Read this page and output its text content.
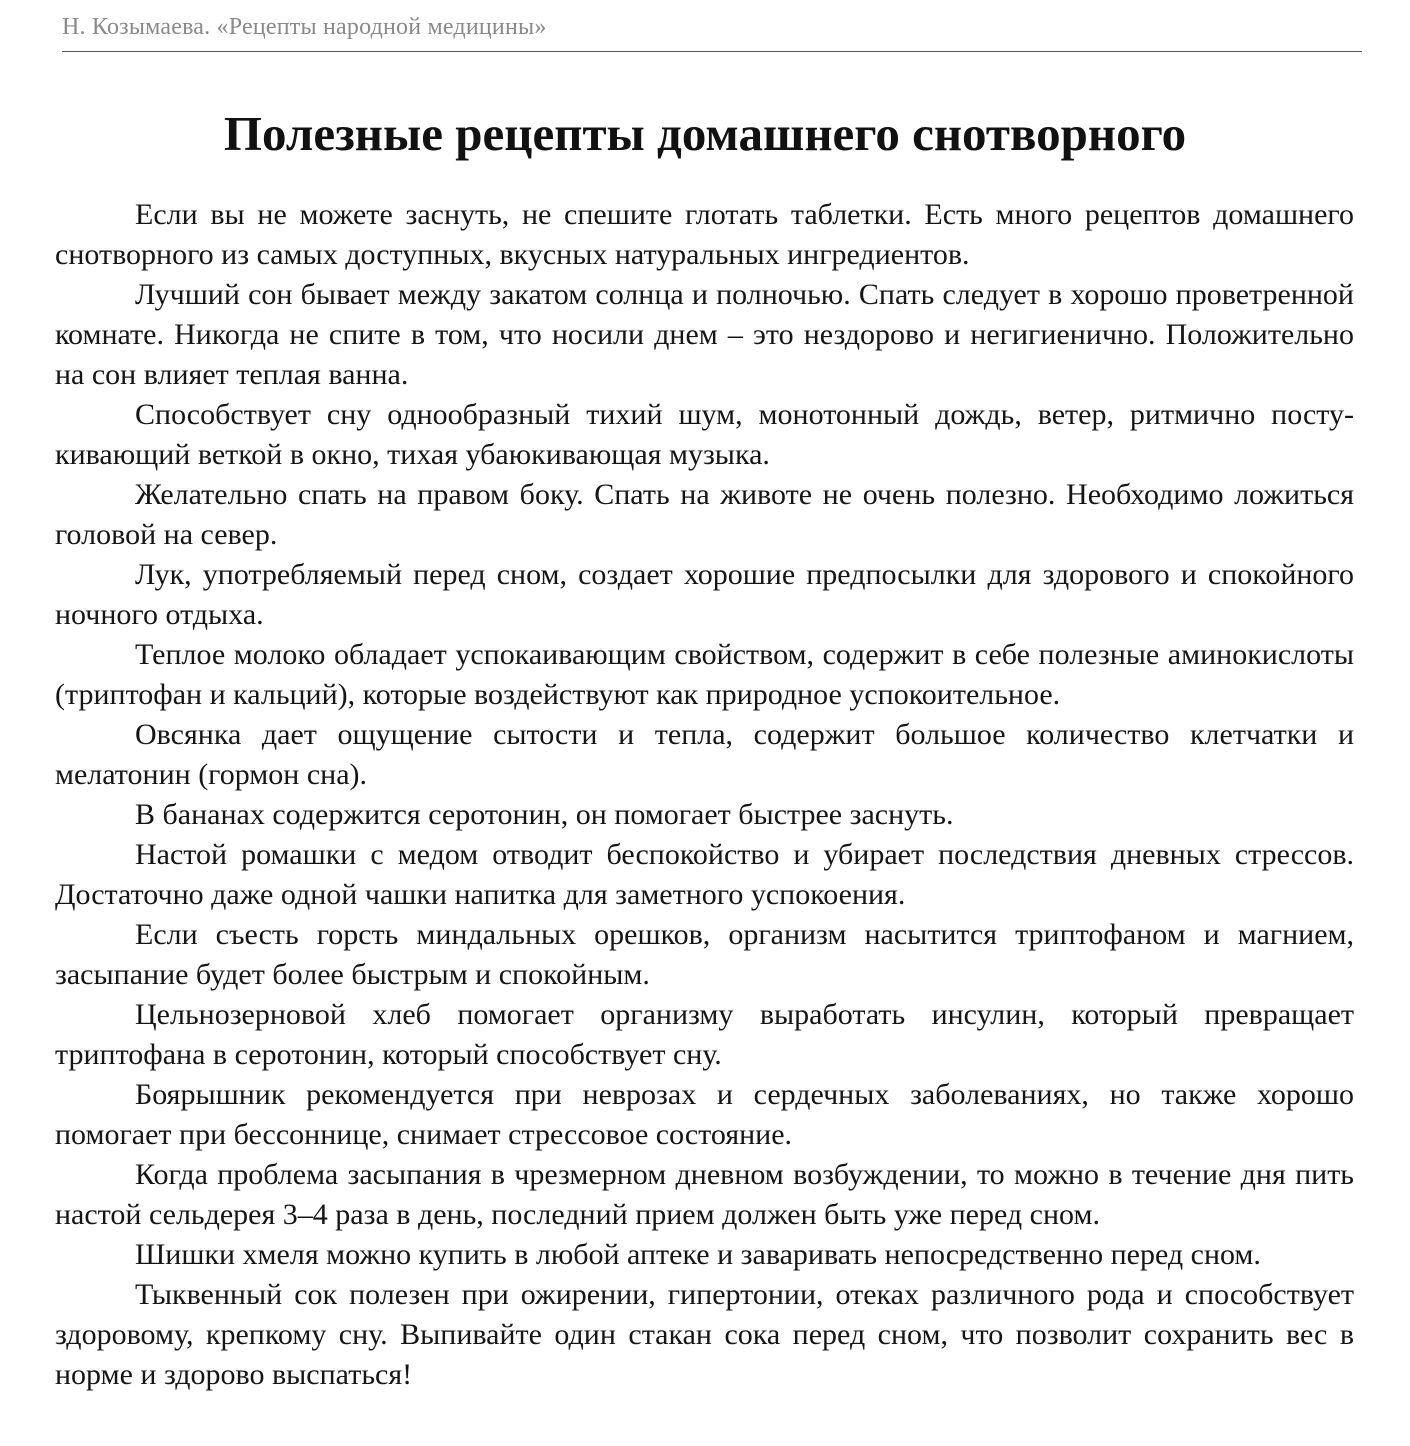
Н. Козымаева. «Рецепты народной медицины»
Полезные рецепты домашнего снотворного

Если вы не можете заснуть, не спешите глотать таблетки. Есть много рецептов домашнего снотворного из самых доступных, вкусных натуральных ингредиентов.

Лучший сон бывает между закатом солнца и полночью. Спать следует в хорошо проветренной комнате. Никогда не спите в том, что носили днем – это нездорово и негигиенично. Положительно на сон влияет теплая ванна.

Способствует сну однообразный тихий шум, монотонный дождь, ветер, ритмично постукивающий веткой в окно, тихая убаюкивающая музыка.

Желательно спать на правом боку. Спать на животе не очень полезно. Необходимо ложиться головой на север.

Лук, употребляемый перед сном, создает хорошие предпосылки для здорового и спокойного ночного отдыха.

Теплое молоко обладает успокаивающим свойством, содержит в себе полезные аминокислоты (триптофан и кальций), которые воздействуют как природное успокоительное.

Овсянка дает ощущение сытости и тепла, содержит большое количество клетчатки и мелатонин (гормон сна).

В бананах содержится серотонин, он помогает быстрее заснуть.

Настой ромашки с медом отводит беспокойство и убирает последствия дневных стрессов. Достаточно даже одной чашки напитка для заметного успокоения.

Если съесть горсть миндальных орешков, организм насытится триптофаном и магнием, засыпание будет более быстрым и спокойным.

Цельнозерновой хлеб помогает организму выработать инсулин, который превращает триптофана в серотонин, который способствует сну.

Боярышник рекомендуется при неврозах и сердечных заболеваниях, но также хорошо помогает при бессоннице, снимает стрессовое состояние.

Когда проблема засыпания в чрезмерном дневном возбуждении, то можно в течение дня пить настой сельдерея 3–4 раза в день, последний прием должен быть уже перед сном.

Шишки хмеля можно купить в любой аптеке и заваривать непосредственно перед сном.

Тыквенный сок полезен при ожирении, гипертонии, отеках различного рода и способствует здоровому, крепкому сну. Выпивайте один стакан сока перед сном, что позволит сохранить вес в норме и здорово выспаться!
